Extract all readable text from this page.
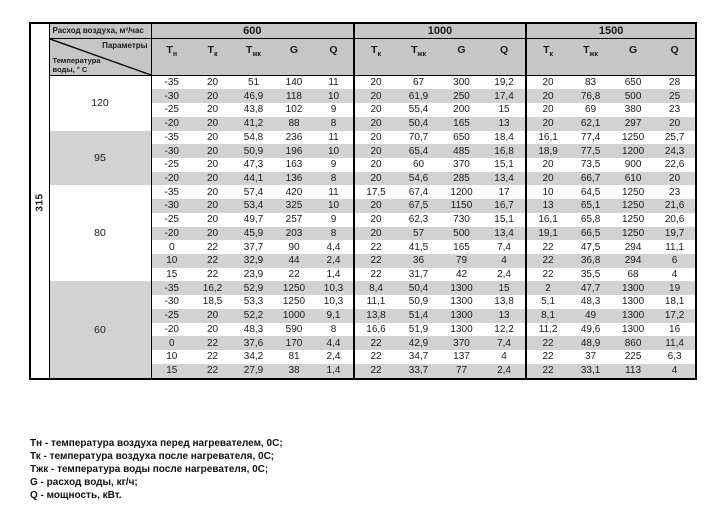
315	Расход воздуха, м³/час	600					1000				1500			

	Параметры
Температура
воды, ° С	$Т_н$	$Т_к$	$Т_{жк}$	G	Q	$Т_к$	$Т_{жк}$	G	Q	$Т_к$	$Т_{жк}$	G	Q
	120	-35	20	51	140	11	20	67	300	19,2	20	83	650	28
		-30	20	46,9	118	10	20	61,9	250	17,4	20	76,8	500	25
		-25	20	43,8	102	9	20	55,4	200	15	20	69	380	23
		-20	20	41,2	88	8	20	50,4	165	13	20	62,1	297	20
	95	-35	20	54,8	236	11	20	70,7	650	18,4	16,1	77,4	1250	25,7
		-30	20	50,9	196	10	20	65,4	485	16,8	18,9	77,5	1200	24,3
		-25	20	47,3	163	9	20	60	370	15,1	20	73,5	900	22,6
		-20	20	44,1	136	8	20	54,6	285	13,4	20	66,7	610	20
	80	-35	20	57,4	420	11	17,5	67,4	1200	17	10	64,5	1250	23
		-30	20	53,4	325	10	20	67,5	1150	16,7	13	65,1	1250	21,6
		-25	20	49,7	257	9	20	62,3	730	15,1	16,1	65,8	1250	20,6
		-20	20	45,9	203	8	20	57	500	13,4	19,1	66,5	1250	19,7
		0	22	37,7	90	4,4	22	41,5	165	7,4	22	47,5	294	11,1
		10	22	32,9	44	2,4	22	36	79	4	22	36,8	294	6
		15	22	23,9	22	1,4	22	31,7	42	2,4	22	35,5	68	4
	60	-35	16,2	52,9	1250	10,3	8,4	50,4	1300	15	2	47,7	1300	19
		-30	18,5	53,3	1250	10,3	11,1	50,9	1300	13,8	5,1	48,3	1300	18,1
		-25	20	52,2	1000	9,1	13,8	51,4	1300	13	8,1	49	1300	17,2
		-20	20	48,3	590	8	16,6	51,9	1300	12,2	11,2	49,6	1300	16
		0	22	37,6	170	4,4	22	42,9	370	7,4	22	48,9	860	11,4
		10	22	34,2	81	2,4	22	34,7	137	4	22	37	225	6,3
		15	22	27,9	38	1,4	22	33,7	77	2,4	22	33,1	113	4
Тн - температура воздуха перед нагревателем, 0С;
Тк - температура воздуха после нагревателя, 0С;
Тжк - температура воды после нагревателя, 0С;
G - расход воды, кг/ч;
Q - мощность, кВт.
